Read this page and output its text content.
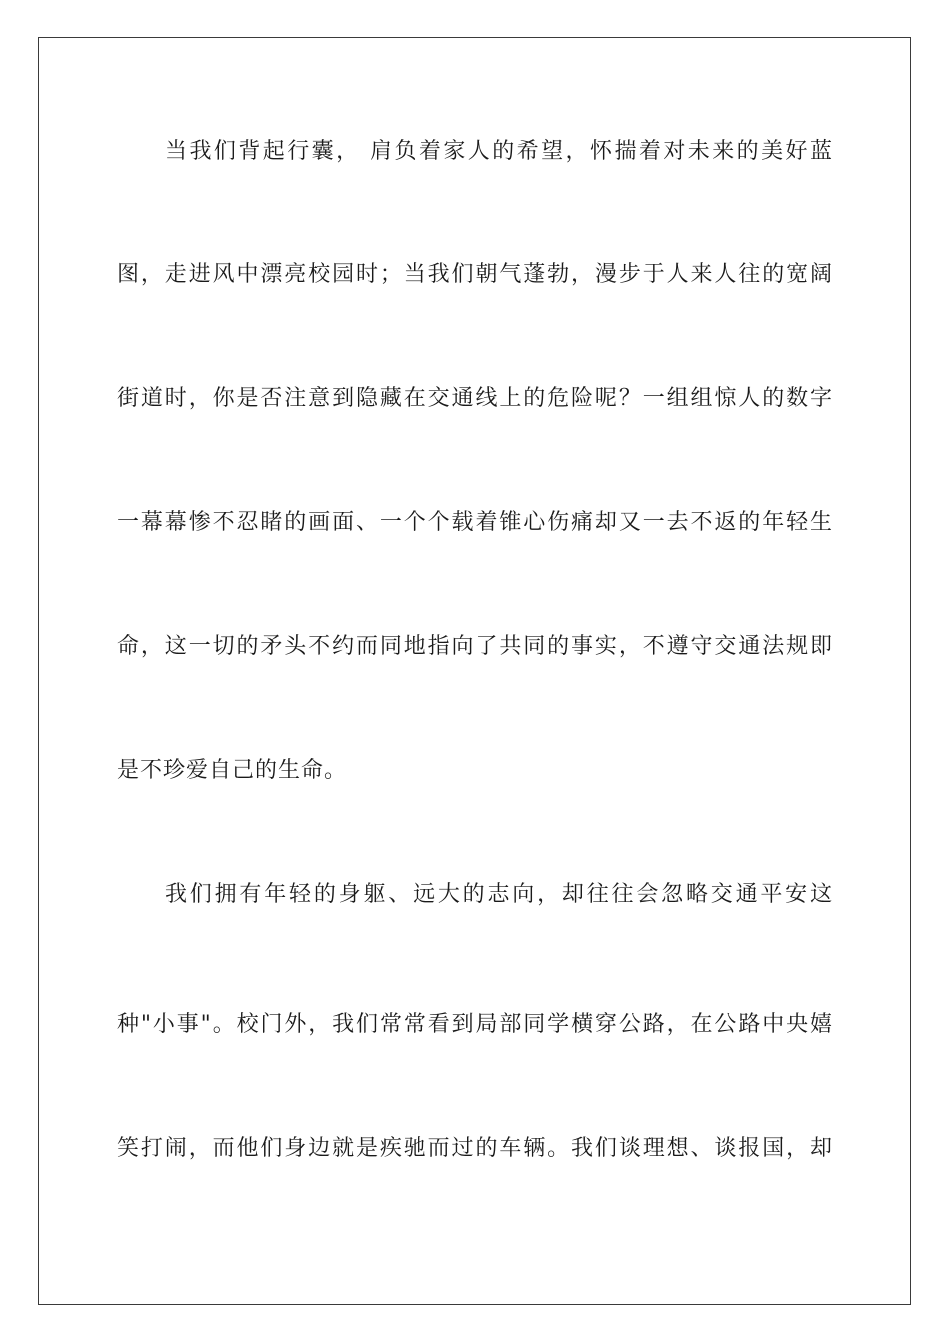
当我们背起行囊， 肩负着家人的希望，怀揣着对未来的美好蓝
图，走进风中漂亮校园时；当我们朝气蓬勃，漫步于人来人往的宽阔
街道时，你是否注意到隐藏在交通线上的危险呢？一组组惊人的数字
一幕幕惨不忍睹的画面、一个个载着锥心伤痛却又一去不返的年轻生
命，这一切的矛头不约而同地指向了共同的事实，不遵守交通法规即
是不珍爱自己的生命。
我们拥有年轻的身躯、远大的志向，却往往会忽略交通平安这
种"小事"。校门外，我们常常看到局部同学横穿公路，在公路中央嬉
笑打闹，而他们身边就是疾驰而过的车辆。我们谈理想、谈报国，却
